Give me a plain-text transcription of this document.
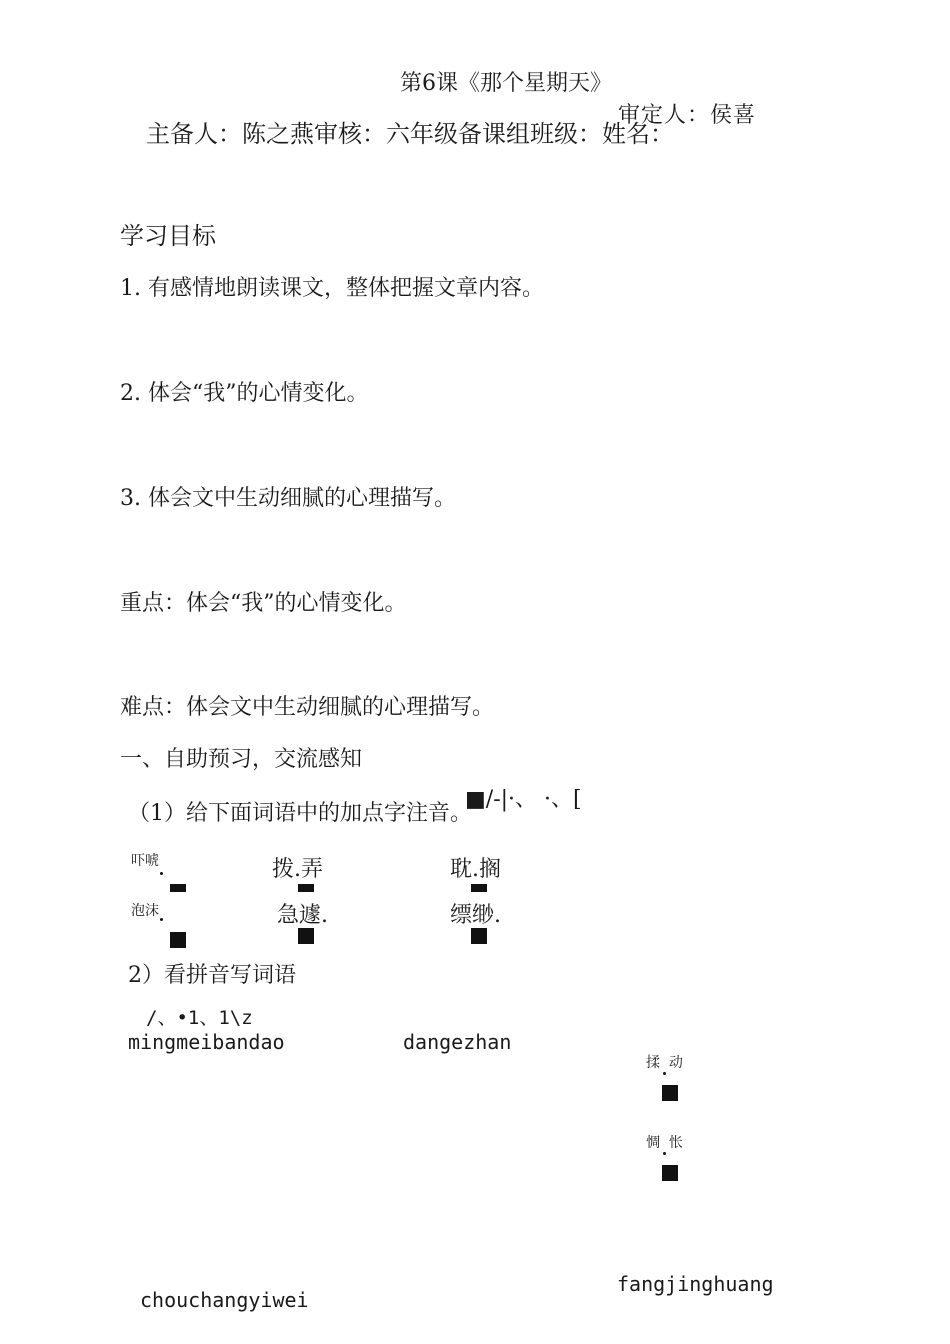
第6课《那个星期天》
审定人：侯喜
主备人：陈之燕审核：六年级备课组班级：姓名：
学习目标
1. 有感情地朗读课文，整体把握文章内容。
2. 体会“我”的心情变化。
3. 体会文中生动细腻的心理描写。
重点：体会“我”的心情变化。
难点：体会文中生动细腻的心理描写。
一、自助预习，交流感知
（1）给下面词语中的加点字注音。
■/-|·、 ·、[
吓唬	拨.弄	耽.搁
泡沫	急遽.	缥缈.
2）看拼音写词语
/、•1、1\z
mingmeibandao	dangezhan
揉  动
惆  怅
fangjinghuang
chouchangyiwei
